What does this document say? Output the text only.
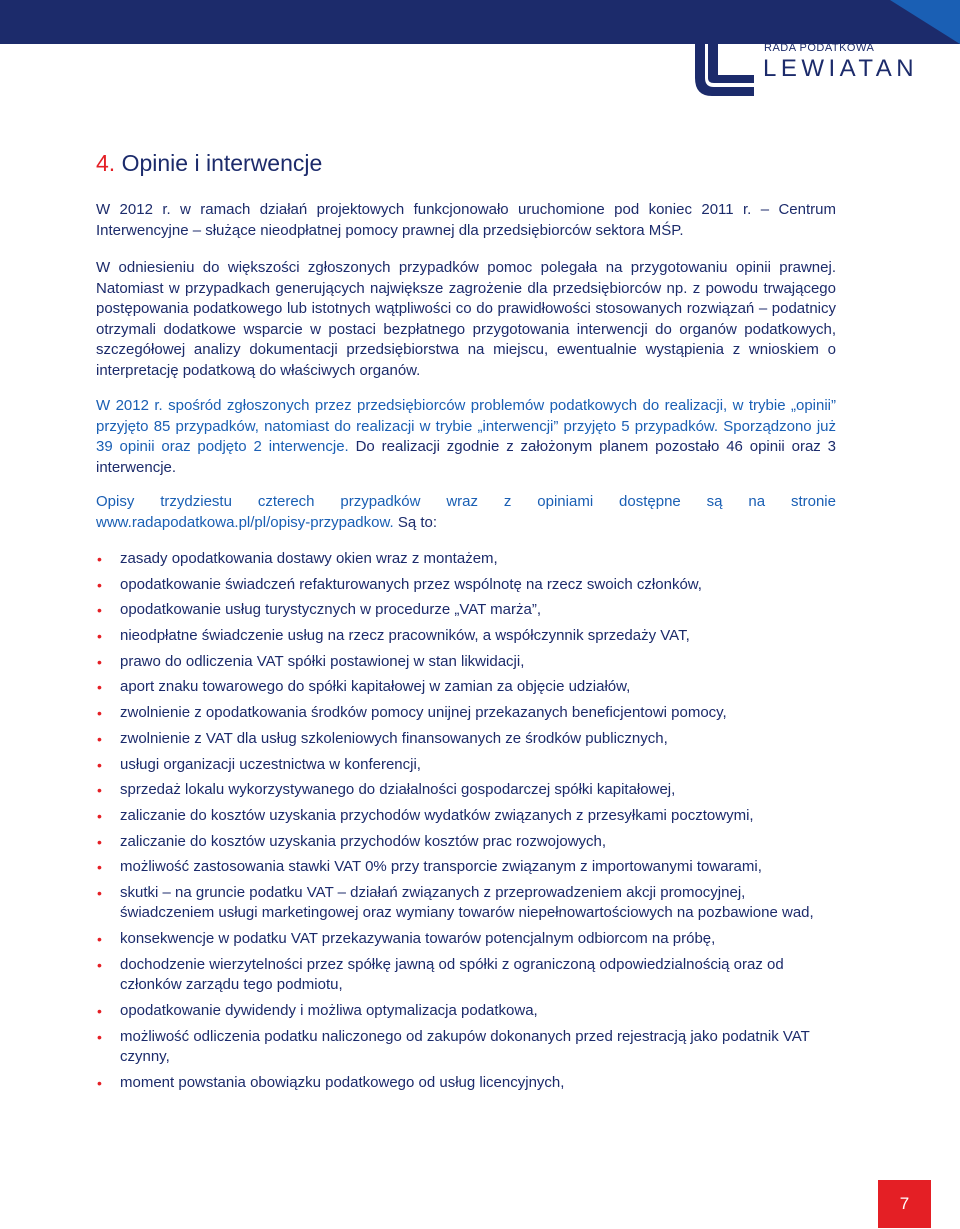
RADA PODATKOWA
LEWIATAN
4. Opinie i interwencje

W 2012 r. w ramach działań projektowych funkcjonowało uruchomione pod koniec 2011 r. – Centrum Interwencyjne – służące nieodpłatnej pomocy prawnej dla przedsiębiorców sektora MŚP.

W odniesieniu do większości zgłoszonych przypadków pomoc polegała na przygotowaniu opinii prawnej. Natomiast w przypadkach generujących największe zagrożenie dla przedsiębiorców np. z powodu trwającego postępowania podatkowego lub istotnych wątpliwości co do prawidłowości stosowanych rozwiązań – podatnicy otrzymali dodatkowe wsparcie w postaci bezpłatnego przygotowania interwencji do organów podatkowych, szczegółowej analizy dokumentacji przedsiębiorstwa na miejscu, ewentualnie wystąpienia z wnioskiem o interpretację podatkową do właściwych organów.

W 2012 r. spośród zgłoszonych przez przedsiębiorców problemów podatkowych do realizacji, w trybie „opinii” przyjęto 85 przypadków, natomiast do realizacji w trybie „interwencji” przyjęto 5 przypadków. Sporządzono już 39 opinii oraz podjęto 2 interwencje. Do realizacji zgodnie z założonym planem pozostało 46 opinii oraz 3 interwencje.

Opisy trzydziestu czterech przypadków wraz z opiniami dostępne są na stronie www.radapodatkowa.pl/pl/opisy-przypadkow. Są to:

• zasady opodatkowania dostawy okien wraz z montażem,
• opodatkowanie świadczeń refakturowanych przez wspólnotę na rzecz swoich członków,
• opodatkowanie usług turystycznych w procedurze „VAT marża”,
• nieodpłatne świadczenie usług na rzecz pracowników, a współczynnik sprzedaży VAT,
• prawo do odliczenia VAT spółki postawionej w stan likwidacji,
• aport znaku towarowego do spółki kapitałowej w zamian za objęcie udziałów,
• zwolnienie z opodatkowania środków pomocy unijnej przekazanych beneficjentowi pomocy,
• zwolnienie z VAT dla usług szkoleniowych finansowanych ze środków publicznych,
• usługi organizacji uczestnictwa w konferencji,
• sprzedaż lokalu wykorzystywanego do działalności gospodarczej spółki kapitałowej,
• zaliczanie do kosztów uzyskania przychodów wydatków związanych z przesyłkami pocztowymi,
• zaliczanie do kosztów uzyskania przychodów kosztów prac rozwojowych,
• możliwość zastosowania stawki VAT 0% przy transporcie związanym z importowanymi towarami,
• skutki – na gruncie podatku VAT – działań związanych z przeprowadzeniem akcji promocyjnej, świadczeniem usługi marketingowej oraz wymiany towarów niepełnowartościowych na pozbawione wad,
• konsekwencje w podatku VAT przekazywania towarów potencjalnym odbiorcom na próbę,
• dochodzenie wierzytelności przez spółkę jawną od spółki z ograniczoną odpowiedzialnością oraz od członków zarządu tego podmiotu,
• opodatkowanie dywidendy i możliwa optymalizacja podatkowa,
• możliwość odliczenia podatku naliczonego od zakupów dokonanych przed rejestracją jako podatnik VAT czynny,
• moment powstania obowiązku podatkowego od usług licencyjnych,
7
